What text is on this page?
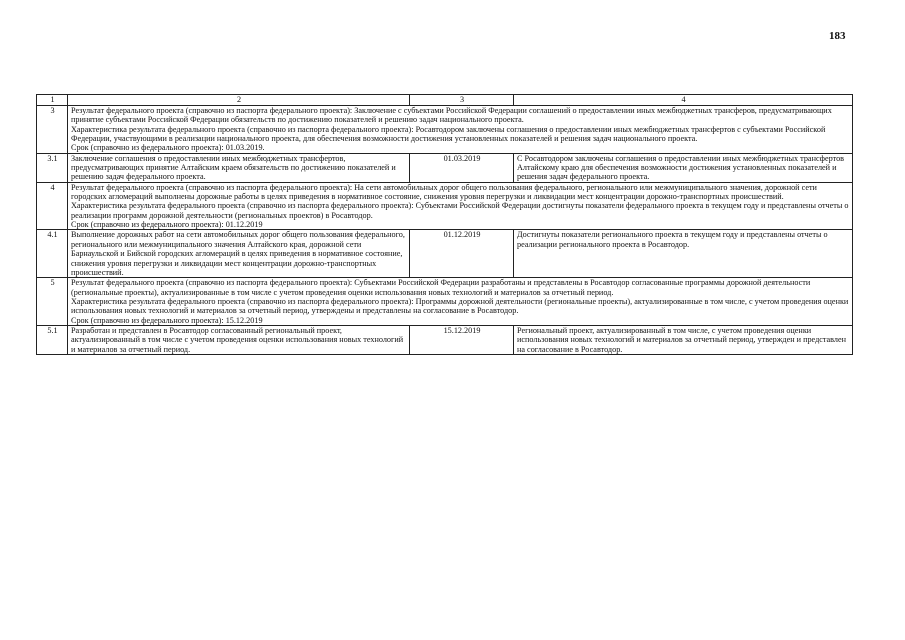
183
1	2	3	4
3	Результат федерального проекта (справочно из паспорта федерального проекта): Заключение с субъектами Российской Федерации соглашений о предоставлении иных межбюджетных трансферов, предусматривающих принятие субъектами Российской Федерации обязательств по достижению показателей и решению задач национального проекта.

Характеристика результата федерального проекта (справочно из паспорта федерального проекта): Росавтодором заключены соглашения о предоставлении иных межбюджетных трансфертов с субъектами Российской Федерации, участвующими в реализации национального проекта, для обеспечения возможности достижения установленных показателей и решения задач национального проекта.

Срок (справочно из федерального проекта): 01.03.2019.		

3.1	Заключение соглашения о предоставлении иных межбюджетных трансфертов, предусматривающих принятие Алтайским краем обязательств по достижению показателей и решению задач федерального проекта.	01.03.2019	С Росавтодором заключены соглашения о предоставлении иных межбюджетных трансфертов Алтайскому краю для обеспечения возможности достижения установленных показателей и решения задач федерального проекта.
4	Результат федерального проекта (справочно из паспорта федерального проекта): На сети автомобильных дорог общего пользования федерального, регионального или межмуниципального значения, дорожной сети городских агломераций выполнены дорожные работы в целях приведения в нормативное состояние, снижения уровня перегрузки и ликвидации мест концентрации дорожно-транспортных происшествий.

Характеристика результата федерального проекта (справочно из паспорта федерального проекта): Субъектами Российской Федерации достигнуты показатели федерального проекта в текущем году и представлены отчеты о реализации программ дорожной деятельности (региональных проектов) в Росавтодор.

Срок (справочно из федерального проекта): 01.12.2019		

4.1	Выполнение дорожных работ на сети автомобильных дорог общего пользования федерального, регионального или межмуниципального значения Алтайского края, дорожной сети Барнаульской и Бийской городских агломераций в целях приведения в нормативное состояние, снижения уровня перегрузки и ликвидации мест концентрации дорожно-транспортных происшествий.	01.12.2019	Достигнуты показатели регионального проекта в текущем году и представлены отчеты о реализации регионального проекта в Росавтодор.
5	Результат федерального проекта (справочно из паспорта федерального проекта): Субъектами Российской Федерации разработаны и представлены в Росавтодор согласованные программы дорожной деятельности (региональные проекты), актуализированные в том числе с учетом проведения оценки использования новых технологий и материалов за отчетный период.

Характеристика результата федерального проекта (справочно из паспорта федерального проекта): Программы дорожной деятельности (региональные проекты), актуализированные в том числе, с учетом проведения оценки использования новых технологий и материалов за отчетный период, утверждены и представлены на согласование в Росавтодор.

Срок (справочно из федерального проекта): 15.12.2019		

5.1	Разработан и представлен в Росавтодор согласованный региональный проект, актуализированный в том числе с учетом проведения оценки использования новых технологий и материалов за отчетный период.	15.12.2019	Региональный проект, актуализированный в том числе, с учетом проведения оценки использования новых технологий и материалов за отчетный период, утвержден и представлен на согласование в Росавтодор.
